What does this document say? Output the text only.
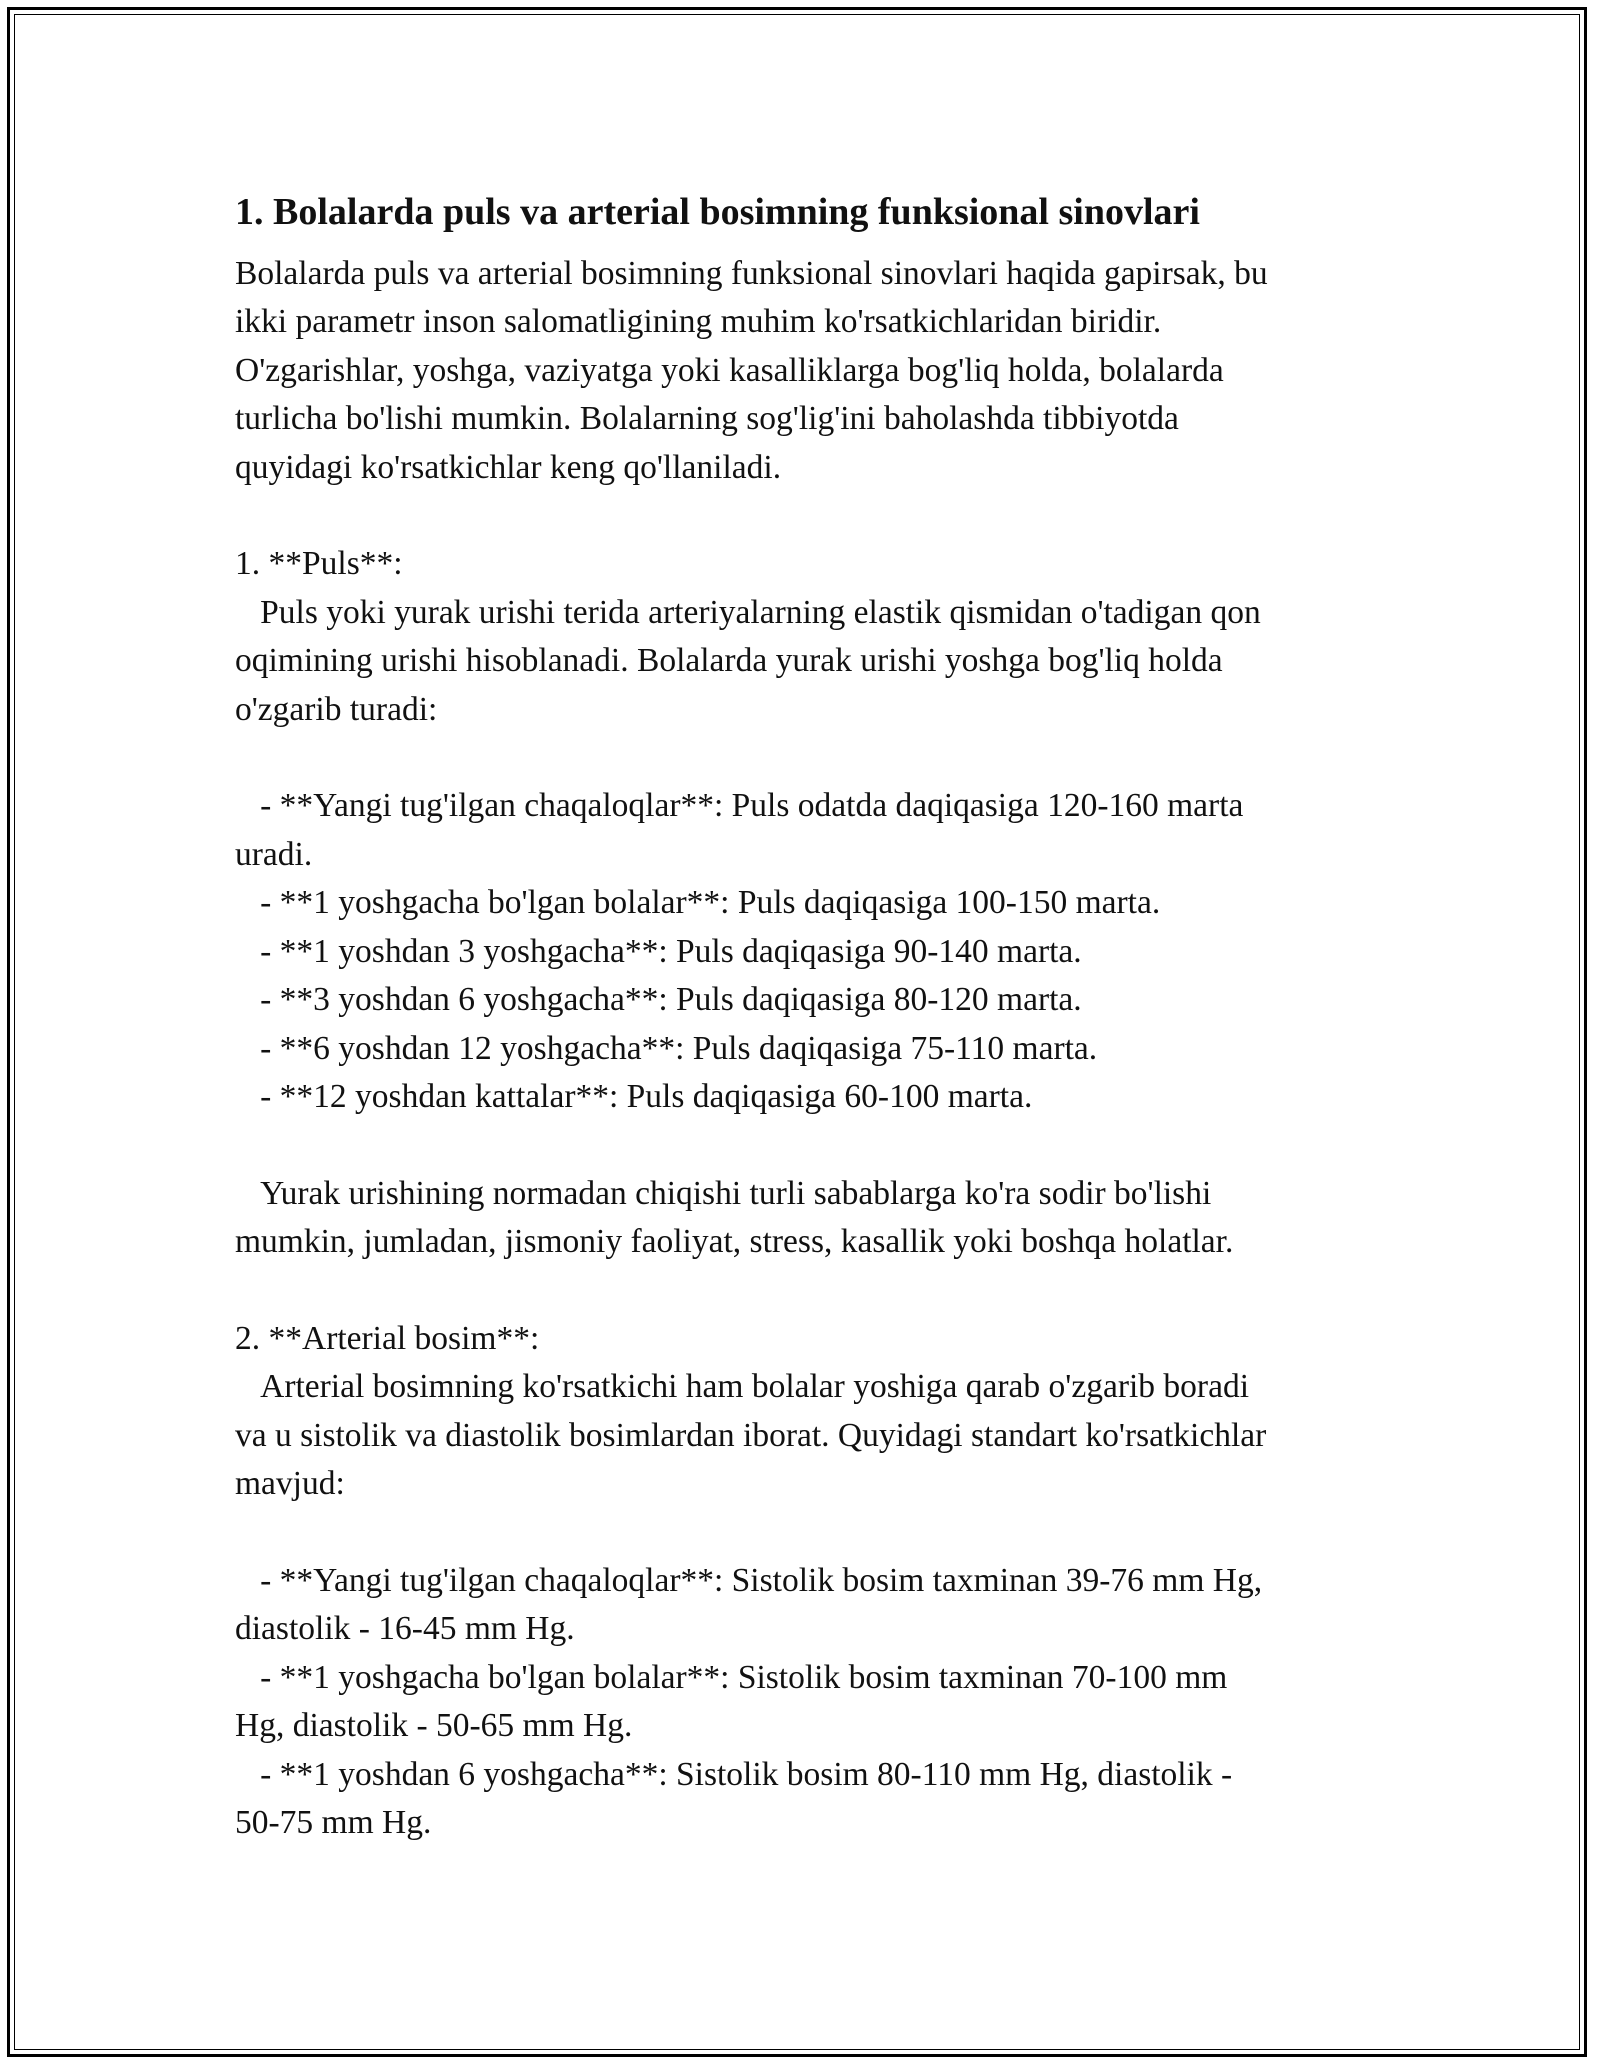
1. Bolalarda puls va arterial bosimning funksional sinovlari

Bolalarda puls va arterial bosimning funksional sinovlari haqida gapirsak, bu
ikki parametr inson salomatligining muhim ko'rsatkichlaridan biridir.
O'zgarishlar, yoshga, vaziyatga yoki kasalliklarga bog'liq holda, bolalarda
turlicha bo'lishi mumkin. Bolalarning sog'lig'ini baholashda tibbiyotda
quyidagi ko'rsatkichlar keng qo'llaniladi.

1. **Puls**:
Puls yoki yurak urishi terida arteriyalarning elastik qismidan o'tadigan qon
oqimining urishi hisoblanadi. Bolalarda yurak urishi yoshga bog'liq holda
o'zgarib turadi:

- **Yangi tug'ilgan chaqaloqlar**: Puls odatda daqiqasiga 120-160 marta
uradi.
- **1 yoshgacha bo'lgan bolalar**: Puls daqiqasiga 100-150 marta.
- **1 yoshdan 3 yoshgacha**: Puls daqiqasiga 90-140 marta.
- **3 yoshdan 6 yoshgacha**: Puls daqiqasiga 80-120 marta.
- **6 yoshdan 12 yoshgacha**: Puls daqiqasiga 75-110 marta.
- **12 yoshdan kattalar**: Puls daqiqasiga 60-100 marta.

Yurak urishining normadan chiqishi turli sabablarga ko'ra sodir bo'lishi
mumkin, jumladan, jismoniy faoliyat, stress, kasallik yoki boshqa holatlar.

2. **Arterial bosim**:
Arterial bosimning ko'rsatkichi ham bolalar yoshiga qarab o'zgarib boradi
va u sistolik va diastolik bosimlardan iborat. Quyidagi standart ko'rsatkichlar
mavjud:

- **Yangi tug'ilgan chaqaloqlar**: Sistolik bosim taxminan 39-76 mm Hg,
diastolik - 16-45 mm Hg.
- **1 yoshgacha bo'lgan bolalar**: Sistolik bosim taxminan 70-100 mm
Hg, diastolik - 50-65 mm Hg.
- **1 yoshdan 6 yoshgacha**: Sistolik bosim 80-110 mm Hg, diastolik -
50-75 mm Hg.
